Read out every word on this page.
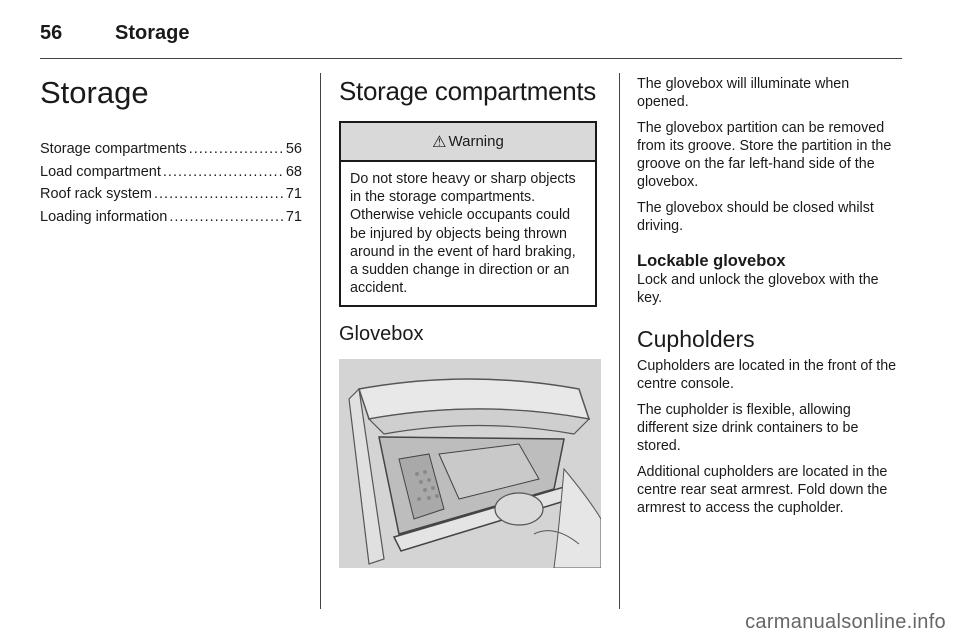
56	Storage
Storage
Storage compartments .....	56
Load compartment .....	68
Roof rack system .....	71
Loading information .....	71
Storage compartments
⚠ Warning

Do not store heavy or sharp objects in the storage compartments. Otherwise vehicle occupants could be injured by objects being thrown around in the event of hard braking, a sudden change in direction or an accident.

Glovebox

The glovebox will illuminate when opened.

The glovebox partition can be removed from its groove. Store the partition in the groove on the far left-hand side of the glovebox.

The glovebox should be closed whilst driving.

Lockable glovebox

Lock and unlock the glovebox with the key.

Cupholders

Cupholders are located in the front of the centre console.

The cupholder is flexible, allowing different size drink containers to be stored.

Additional cupholders are located in the centre rear seat armrest. Fold down the armrest to access the cupholder.

carmanualsonline.info
